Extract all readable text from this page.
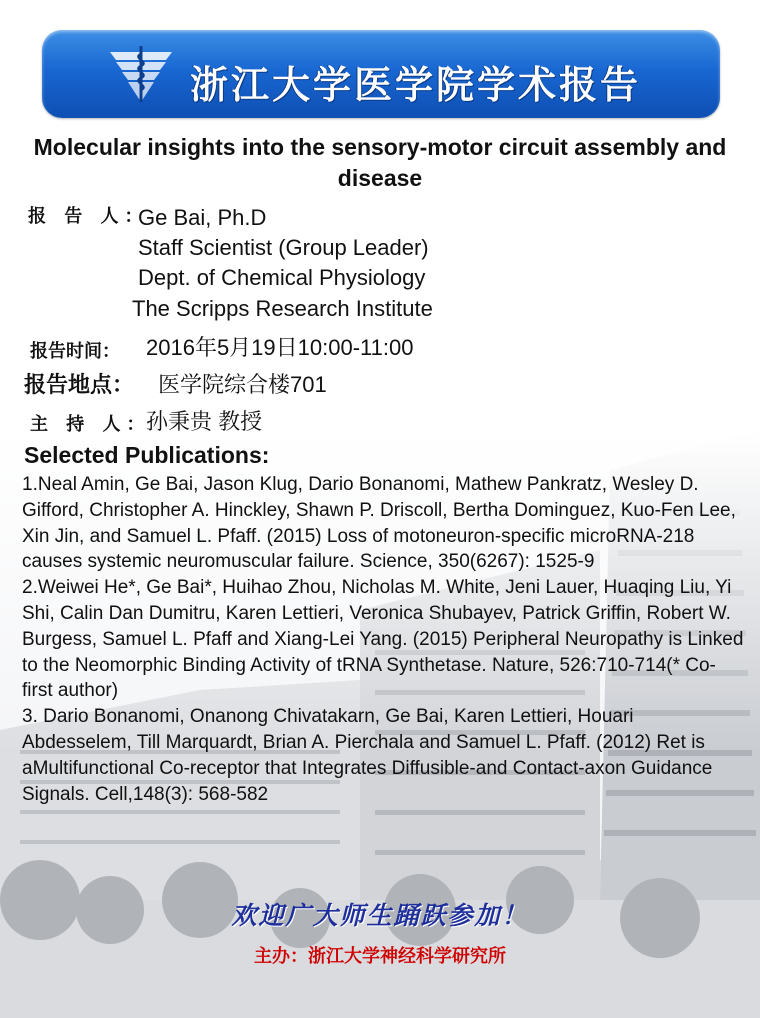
浙江大学医学院学术报告
Molecular insights into the sensory-motor circuit assembly and disease
报 告 人：
Ge Bai, Ph.D
Staff Scientist (Group Leader)
Dept. of Chemical Physiology
The Scripps Research Institute
报告时间： 2016年5月19日10:00-11:00
报告地点： 医学院综合楼701
主 持 人：
孙秉贵 教授
Selected Publications:

1.Neal Amin, Ge Bai, Jason Klug, Dario Bonanomi, Mathew Pankratz, Wesley D. Gifford, Christopher A. Hinckley, Shawn P. Driscoll, Bertha Dominguez, Kuo-Fen Lee, Xin Jin, and Samuel L. Pfaff. (2015) Loss of motoneuron-specific microRNA-218 causes systemic neuromuscular failure. Science, 350(6267): 1525-9

2.Weiwei He*, Ge Bai*, Huihao Zhou, Nicholas M. White, Jeni Lauer, Huaqing Liu, Yi Shi, Calin Dan Dumitru, Karen Lettieri, Veronica Shubayev, Patrick Griffin, Robert W. Burgess, Samuel L. Pfaff and Xiang-Lei Yang. (2015) Peripheral Neuropathy is Linked to the Neomorphic Binding Activity of tRNA Synthetase. Nature, 526:710-714(* Co-first author)

3. Dario Bonanomi, Onanong Chivatakarn, Ge Bai, Karen Lettieri, Houari Abdesselem, Till Marquardt, Brian A. Pierchala and Samuel L. Pfaff. (2012) Ret is aMultifunctional Co-receptor that Integrates Diffusible-and Contact-axon Guidance Signals. Cell,148(3): 568-582

欢迎广大师生踊跃参加！
主办：浙江大学神经科学研究所
